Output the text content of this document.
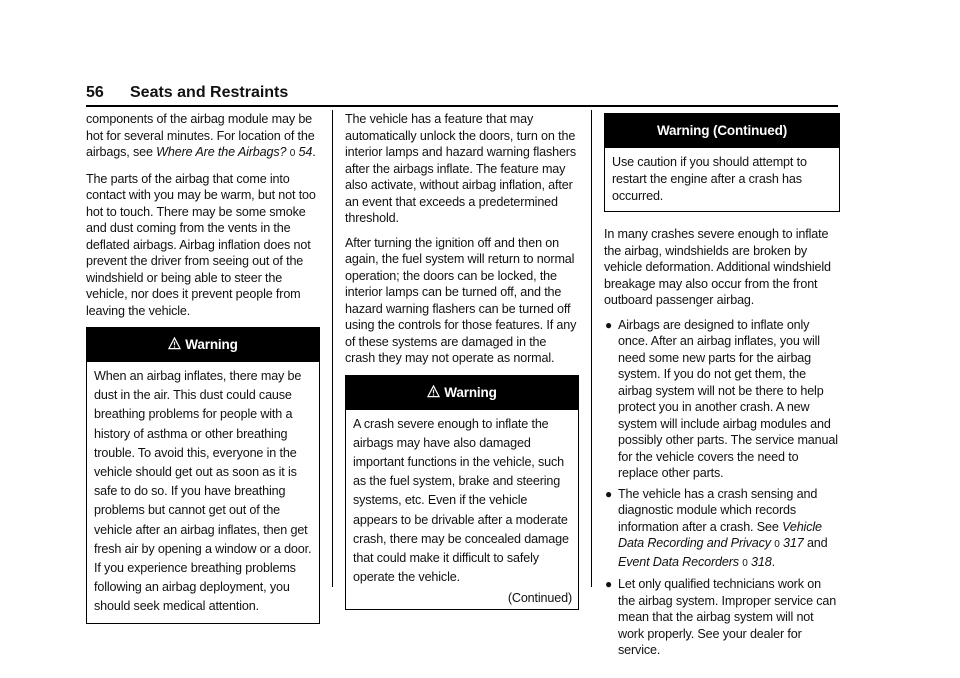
56 Seats and Restraints

components of the airbag module may be hot for several minutes. For location of the airbags, see Where Are the Airbags? 0 54.

The parts of the airbag that come into contact with you may be warm, but not too hot to touch. There may be some smoke and dust coming from the vents in the deflated airbags. Airbag inflation does not prevent the driver from seeing out of the windshield or being able to steer the vehicle, nor does it prevent people from leaving the vehicle.

Warning
When an airbag inflates, there may be dust in the air. This dust could cause breathing problems for people with a history of asthma or other breathing trouble. To avoid this, everyone in the vehicle should get out as soon as it is safe to do so. If you have breathing problems but cannot get out of the vehicle after an airbag inflates, then get fresh air by opening a window or a door. If you experience breathing problems following an airbag deployment, you should seek medical attention.

The vehicle has a feature that may automatically unlock the doors, turn on the interior lamps and hazard warning flashers after the airbags inflate. The feature may also activate, without airbag inflation, after an event that exceeds a predetermined threshold.

After turning the ignition off and then on again, the fuel system will return to normal operation; the doors can be locked, the interior lamps can be turned off, and the hazard warning flashers can be turned off using the controls for those features. If any of these systems are damaged in the crash they may not operate as normal.

Warning
A crash severe enough to inflate the airbags may have also damaged important functions in the vehicle, such as the fuel system, brake and steering systems, etc. Even if the vehicle appears to be drivable after a moderate crash, there may be concealed damage that could make it difficult to safely operate the vehicle.
(Continued)
Warning (Continued)
Use caution if you should attempt to restart the engine after a crash has occurred.

In many crashes severe enough to inflate the airbag, windshields are broken by vehicle deformation. Additional windshield breakage may also occur from the front outboard passenger airbag.

● Airbags are designed to inflate only once. After an airbag inflates, you will need some new parts for the airbag system. If you do not get them, the airbag system will not be there to help protect you in another crash. A new system will include airbag modules and possibly other parts. The service manual for the vehicle covers the need to replace other parts.
● The vehicle has a crash sensing and diagnostic module which records information after a crash. See Vehicle Data Recording and Privacy 0 317 and Event Data Recorders 0 318.
● Let only qualified technicians work on the airbag system. Improper service can mean that the airbag system will not work properly. See your dealer for service.
